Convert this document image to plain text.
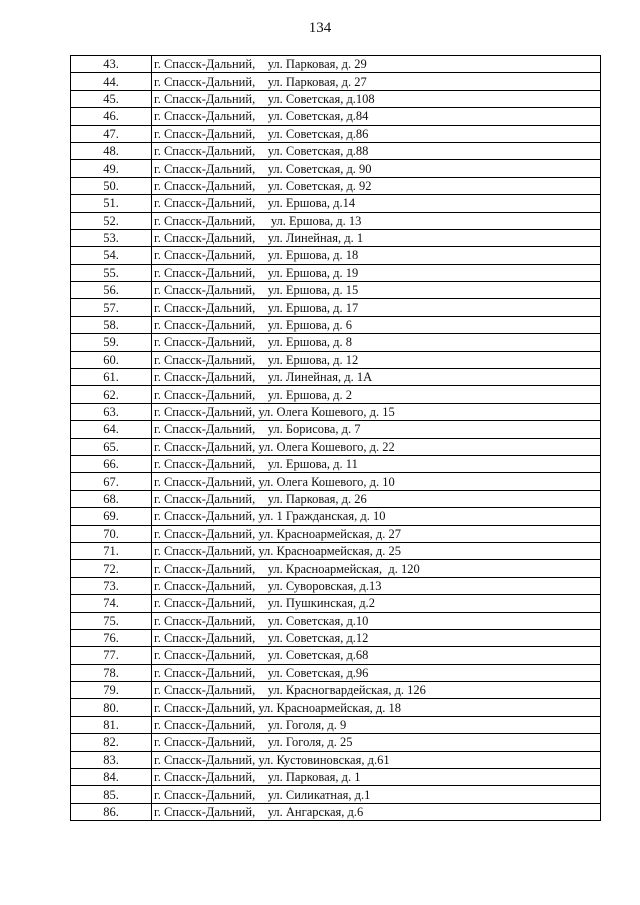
134
43.	г. Спасск-Дальний,    ул. Парковая, д. 29
44.	г. Спасск-Дальний,    ул. Парковая, д. 27
45.	г. Спасск-Дальний,    ул. Советская, д.108
46.	г. Спасск-Дальний,    ул. Советская, д.84
47.	г. Спасск-Дальний,    ул. Советская, д.86
48.	г. Спасск-Дальний,    ул. Советская, д.88
49.	г. Спасск-Дальний,    ул. Советская, д. 90
50.	г. Спасск-Дальний,    ул. Советская, д. 92
51.	г. Спасск-Дальний,    ул. Ершова, д.14
52.	г. Спасск-Дальний,     ул. Ершова, д. 13
53.	г. Спасск-Дальний,    ул. Линейная, д. 1
54.	г. Спасск-Дальний,    ул. Ершова, д. 18
55.	г. Спасск-Дальний,    ул. Ершова, д. 19
56.	г. Спасск-Дальний,    ул. Ершова, д. 15
57.	г. Спасск-Дальний,    ул. Ершова, д. 17
58.	г. Спасск-Дальний,    ул. Ершова, д. 6
59.	г. Спасск-Дальний,    ул. Ершова, д. 8
60.	г. Спасск-Дальний,    ул. Ершова, д. 12
61.	г. Спасск-Дальний,    ул. Линейная, д. 1А
62.	г. Спасск-Дальний,    ул. Ершова, д. 2
63.	г. Спасск-Дальний, ул. Олега Кошевого, д. 15
64.	г. Спасск-Дальний,    ул. Борисова, д. 7
65.	г. Спасск-Дальний, ул. Олега Кошевого, д. 22
66.	г. Спасск-Дальний,    ул. Ершова, д. 11
67.	г. Спасск-Дальний, ул. Олега Кошевого, д. 10
68.	г. Спасск-Дальний,    ул. Парковая, д. 26
69.	г. Спасск-Дальний, ул. 1 Гражданская, д. 10
70.	г. Спасск-Дальний, ул. Красноармейская, д. 27
71.	г. Спасск-Дальний, ул. Красноармейская, д. 25
72.	г. Спасск-Дальний,    ул. Красноармейская,  д. 120
73.	г. Спасск-Дальний,    ул. Суворовская, д.13
74.	г. Спасск-Дальний,    ул. Пушкинская, д.2
75.	г. Спасск-Дальний,    ул. Советская, д.10
76.	г. Спасск-Дальний,    ул. Советская, д.12
77.	г. Спасск-Дальний,    ул. Советская, д.68
78.	г. Спасск-Дальний,    ул. Советская, д.96
79.	г. Спасск-Дальний,    ул. Красногвардейская, д. 126
80.	г. Спасск-Дальний, ул. Красноармейская, д. 18
81.	г. Спасск-Дальний,    ул. Гоголя, д. 9
82.	г. Спасск-Дальний,    ул. Гоголя, д. 25
83.	г. Спасск-Дальний, ул. Кустовиновская, д.61
84.	г. Спасск-Дальний,    ул. Парковая, д. 1
85.	г. Спасск-Дальний,    ул. Силикатная, д.1
86.	г. Спасск-Дальний,    ул. Ангарская, д.6
